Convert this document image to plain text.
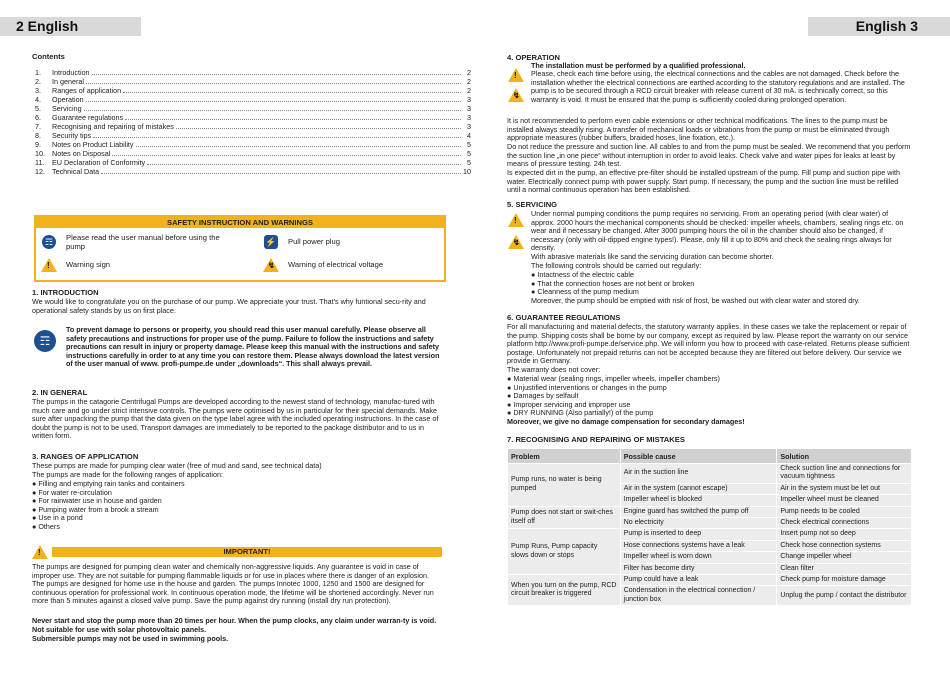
2 English	English 3
Contents
1.	Introduction	2
2.	In general	2
3.	Ranges of application	2
4.	Operation	3
5.	Servicing	3
6.	Guarantee regulations	3
7.	Recognising and repairing of mistakes	3
8.	Security tips	4
9.	Notes on Product Liability	5
10. Notes on Disposal	5
11.	EU Declaration of Conformity	5
12. Technical Data	10
SAFETY INSTRUCTION AND WARNINGS
☶	Please read the user manual before using the pump	⚡ Pull power plug
! Warning sign	↯ Warning of electrical voltage
1. INTRODUCTION
We would like to congratulate you on the purchase of our pump. We appreciate your trust. That's why funtional secu-rity and operational safety stands by us on first place.
☶
To prevent damage to persons or property, you should read this user manual carefully. Please observe all safety precautions and instructions for proper use of the pump. Failure to follow the instructions and safety precautions can result in injury or property damage. Please keep this manual with the instructions and safety instructions carefully in order to at any time you can restore them. Please always download the latest version of the user manual of www. profi-pumpe.de under „downloads“. This shall always prevail.
2. IN GENERAL
The pumps in the catagorie Centrifugal Pumps are developed according to the newest stand of technology, manufac-tured with much care and go under strict intensive controls. The pumps were optimised by us in particular for their special demands. Make sure after unpacking the pump that the data given on the type label agree with the included operating instructions. In the case of doubt the pump is not to be used. Transport damages are immediately to be reported to the package distributor and to us in written form.
3. RANGES OF APPLICATION
These pumps are made for pumping clear water (free of mud and sand, see technical data)
The pumps are made for the following ranges of application:
● Filling and emptying rain tanks and containers
● For water re-circulation
● For rainwater use in house and garden
● Pumping water from a brook a stream
● Use in a pond
● Others
!	IMPORTANT!
The pumps are designed for pumping clean water and chemically non-aggressive liquids. Any guarantee is void in case of improper use. They are not suitable for pumping flammable liquids or for use in places where there is danger of an explosion. The pumps are designed for home use in the house and garden. The pumps Innotec 1000, 1250 and 1500 are designed for continuous operation for professional work. In continuous operation mode, the lifetime will be shortened accordingly. Never run more than 5 minutes against a closed valve pump. Save the pump against dry running (install dry run protection).
Never start and stop the pump more than 20 times per hour. When the pump clocks, any claim under warran-ty is void. Not suitable for use with solar photovoltaic panels.
Submersible pumps may not be used in swimming pools.
4. OPERATION
The installation must be performed by a qualified professional.
!
↯
Please, check each time before using, the electrical connections and the cables are not damaged. Check before the installation whether the electrical connections are earthed according to the statutory regulations and are installed. The pump is to be secured through a RCD circuit breaker with release current of 30 mA. is technically correct, so this warranty is void. It must be ensured that the pump is sufficiently cooled during prolonged operation.
It is not recommended to perform even cable extensions or other technical modifications. The lines to the pump must be installed always steadily rising. A transfer of mechanical loads or vibrations from the pump or must be eliminated through appropriate measures (rubber buffers, braided hoses, line fixation, etc.).
Do not reduce the pressure and suction line. All cables to and from the pump must be sealed. We recommend that you perform the suction line „in one piece“ without interruption in order to avoid leaks. Check valve and water pipes for leaks at least by means of pressure testing. 24h test.
Is expected dirt in the pump, an effective pre-filter should be installed upstream of the pump. Fill pump and suction pipe with water. Electrically connect pump with power supply. Start pump. If necessary, the pump and the suction line must be refilled until a normal continuous operation has been established.
5. SERVICING
!
↯
Under normal pumping conditions the pump requires no servicing. From an operating period (with clear water) of approx. 2000 hours the mechanical components should be checked: impeller wheels, chambers, sealing rings etc. on wear and if necessary be changed. After 3000 pumping hours the oil in the chamber should also be changed, if necessary (only with oil-dipped engine types!). Please, only fill it up to 80% and check the sealing rings always for density.
With abrasive materials like sand the servicing duration can become shorter.
The following controls should be carried out regularly:
● Intactness of the electric cable
● That the connection hoses are not bent or broken
● Cleanness of the pump medium
Moreover, the pump should be emptied with risk of frost, be washed out with clear water and stored dry.
6. GUARANTEE REGULATIONS
For all manufacturing and material defects, the statutory warranty applies. In these cases we take the replacement or repair of the pump. Shipping costs shall be borne by our company, except as required by law. Please report the warranty on our service platform http://www.profi-pumpe.de/service.php. We will inform you how to proceed with case-related. Returns please sufficient postage. Unfortunately not prepaid returns can not be accepted because they are filtered out before delivery. Our service we provide in Germany.
The warranty does not cover:
● Material wear (sealing rings, impeller wheels, impeller chambers)
● Unjustified interventions or changes in the pump
● Damages by selfault
● Improper servicing and improper use
● DRY RUNNING (Also partially!) of the pump
Moreover, we give no damage compensation for secondary damages!
7. RECOGNISING AND REPAIRING OF MISTAKES
Problem	Possible cause	Solution
Pump runs, no water is being pumped	Air in the suction line	Check suction line and connections for vacuum tightness
	Air in the system (cannot escape)	Air in the system must be let out
	Impeller wheel is blocked	Impeller wheel must be cleaned
Pump does not start or swit-ches itself off	Engine guard has switched the pump off	Pump needs to be cooled
	No electricity	Check electrical connections
Pump Runs, Pump capacity slows down or stops	Pump is inserted to deep	Insert pump not so deep
	Hose connections systems have a leak	Check hose connection systems
	Impeller wheel is worn down	Change impeller wheel
	Filter has become dirty	Clean filter
When you turn on the pump, RCD circuit breaker is triggered	Pump could have a leak	Check pump for moisture damage
	Condensation in the electrical connection / junction box	Unplug the pump / contact the distributor
